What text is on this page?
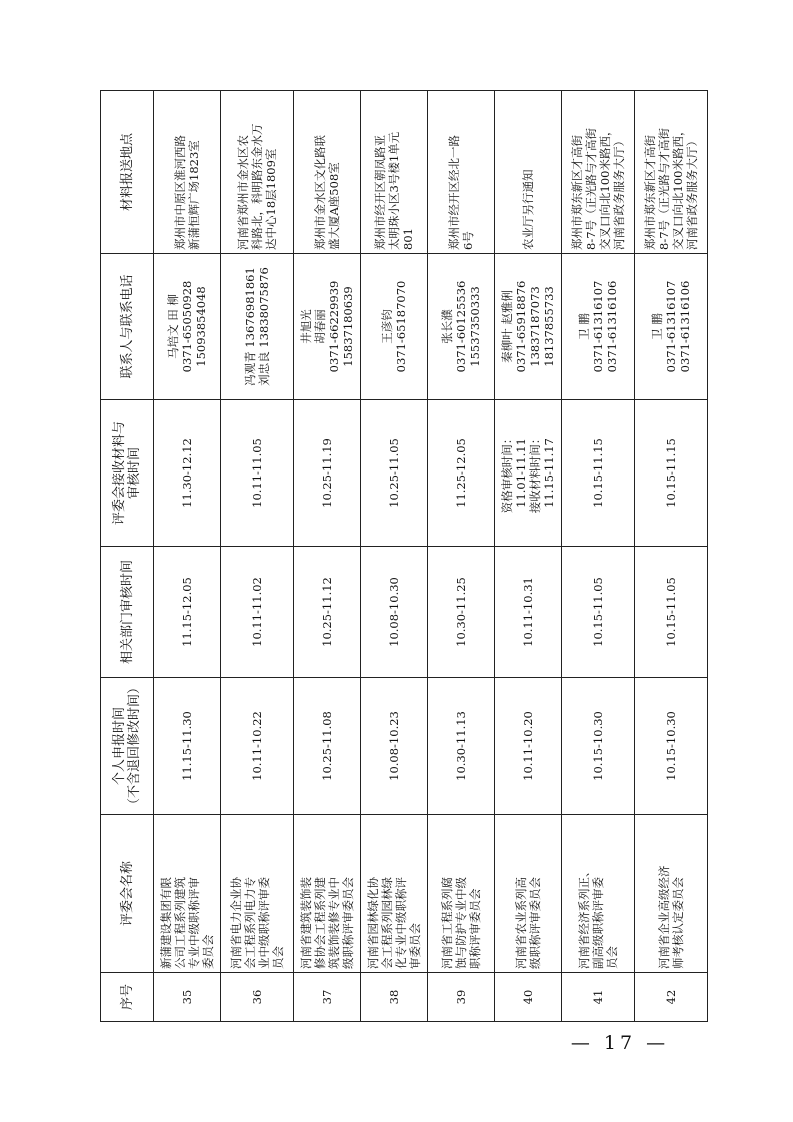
序号	评委会名称	个人申报时间
（不含退回修改时间）	相关部门审核时间	评委会接收材料与
审核时间	联系人与联系电话	材料报送地点

35	新蒲建设集团有限
公司工程系列建筑
专业中级职称评审
委员会	11.15-11.30	11.15-12.05	11.30-12.12	马培文 田 柳
0371-65050928
15093854048	郑州市中原区淮河西路
新蒲恒辉广场1823室

36	河南省电力企业协
会工程系列电力专
业中级职称评审委
员会	10.11-10.22	10.11-11.02	10.11-11.05	冯观青 13676981861
刘忠良 13838075876	河南省郑州市金水区农
科路北，科明路东金水万
达中心18层1809室

37	河南省建筑装饰装
修协会工程系列建
筑装饰装修专业中
级职称评审委员会	10.25-11.08	10.25-11.12	10.25-11.19	井旭光
胡春丽
0371-66229939
15837180639	郑州市金水区文化路联
盛大厦A座508室

38	河南省园林绿化协
会工程系列园林绿
化专业中级职称评
审委员会	10.08-10.23	10.08-10.30	10.25-11.05	王彦钧
0371-65187070	郑州市经开区朝凤路亚
太明珠小区3号楼1单元
801

39	河南省工程系列腐
蚀与防护专业中级
职称评审委员会	10.30-11.13	10.30-11.25	11.25-12.05	张长濮
0371-60125536
15537350333	郑州市经开区经北一路
6号

40	河南省农业系列高
级职称评审委员会	10.11-10.20	10.11-10.31	资格审核时间：
11.01-11.11
接收材料时间：
11.15-11.17	秦柳叶 赵雅俐
0371-65918876
13837187073
18137855733	农业厅另行通知

41	河南省经济系列正、
副高级职称评审委
员会	10.15-10.30	10.15-11.05	10.15-11.15	卫 鹏
0371-61316107
0371-61316106	郑州市郑东新区才高街
8-7号（正光路与才高街
交叉口向北100米路西，
河南省政务服务大厅）

42	河南省企业高级经济
师考核认定委员会	10.15-10.30	10.15-11.05	10.15-11.15	卫 鹏
0371-61316107
0371-61316106	郑州市郑东新区才高街
8-7号（正光路与才高街
交叉口向北100米路西，
河南省政务服务大厅）
— 17 —
